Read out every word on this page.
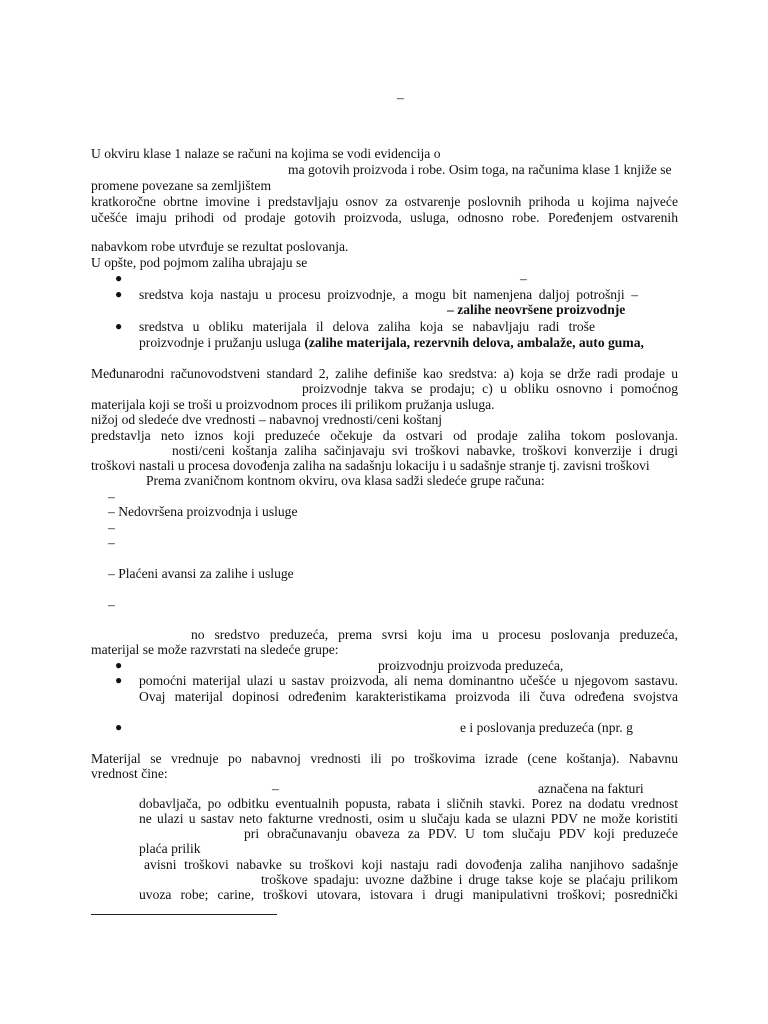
–
U okviru klase 1 nalaze se računi na kojima se vodi evidencija o
ma gotovih proizvoda i robe. Osim toga, na računima klase 1 knjiže se
promene povezane sa zemljištem
kratkoročne obrtne imovine i predstavljaju osnov za ostvarenje poslovnih prihoda u kojima najveće
učešće imaju prihodi od prodaje gotovih proizvoda, usluga, odnosno robe. Poređenjem ostvarenih
nabavkom robe utvrđuje se rezultat poslovanja.
U opšte, pod pojmom zaliha ubrajaju se
●	–
● sredstva koja nastaju u procesu proizvodnje, a mogu bit namenjena daljoj potrošnji –
– zalihe neovršene proizvodnje
● sredstva u obliku materijala il delova zaliha koja se nabavljaju radi troše
proizvodnje i pružanju usluga (zalihe materijala, rezervnih delova, ambalaže, auto guma,
Međunarodni računovodstveni standard 2, zalihe definiše kao sredstva: a) koja se drže radi prodaje u
proizvodnje takva se prodaju; c) u obliku osnovno i pomoćnog
materijala koji se troši u proizvodnom proces ili prilikom pružanja usluga.
nižoj od sledeće dve vrednosti – nabavnoj vrednosti/ceni koštanj
predstavlja neto iznos koji preduzeće očekuje da ostvari od prodaje zaliha tokom poslovanja.
nosti/ceni koštanja zaliha sačinjavaju svi troškovi nabavke, troškovi konverzije i drugi
troškovi nastali u procesa dovođenja zaliha na sadašnju lokaciju i u sadašnje stranje tj. zavisni troškovi
Prema zvaničnom kontnom okviru, ova klasa sadži sledeće grupe računa:
–
– Nedovršena proizvodnja i usluge
–
–
– Plaćeni avansi za zalihe i usluge
–
no sredstvo preduzeća, prema svrsi koju ima u procesu poslovanja preduzeća,
materijal se može razvrstati na sledeće grupe:
●	proizvodnju proizvoda preduzeća,
● pomoćni materijal ulazi u sastav proizvoda, ali nema dominantno učešće u njegovom sastavu.
Ovaj materijal dopinosi određenim karakteristikama proizvoda ili čuva određena svojstva
●	e i poslovanja preduzeća (npr. g
Materijal se vrednuje po nabavnoj vrednosti ili po troškovima izrade (cene koštanja). Nabavnu
vrednost čine:
–	aznačena na fakturi
dobavljača, po odbitku eventualnih popusta, rabata i sličnih stavki. Porez na dodatu vrednost
ne ulazi u sastav neto fakturne vrednosti, osim u slučaju kada se ulazni PDV ne može koristiti
pri obračunavanju obaveza za PDV. U tom slučaju PDV koji preduzeće
plaća prilik
avisni troškovi nabavke su troškovi koji nastaju radi dovođenja zaliha nanjihovo sadašnje
troškove spadaju: uvozne dažbine i druge takse koje se plaćaju prilikom
uvoza robe; carine, troškovi utovara, istovara i drugi manipulativni troškovi; posrednički
